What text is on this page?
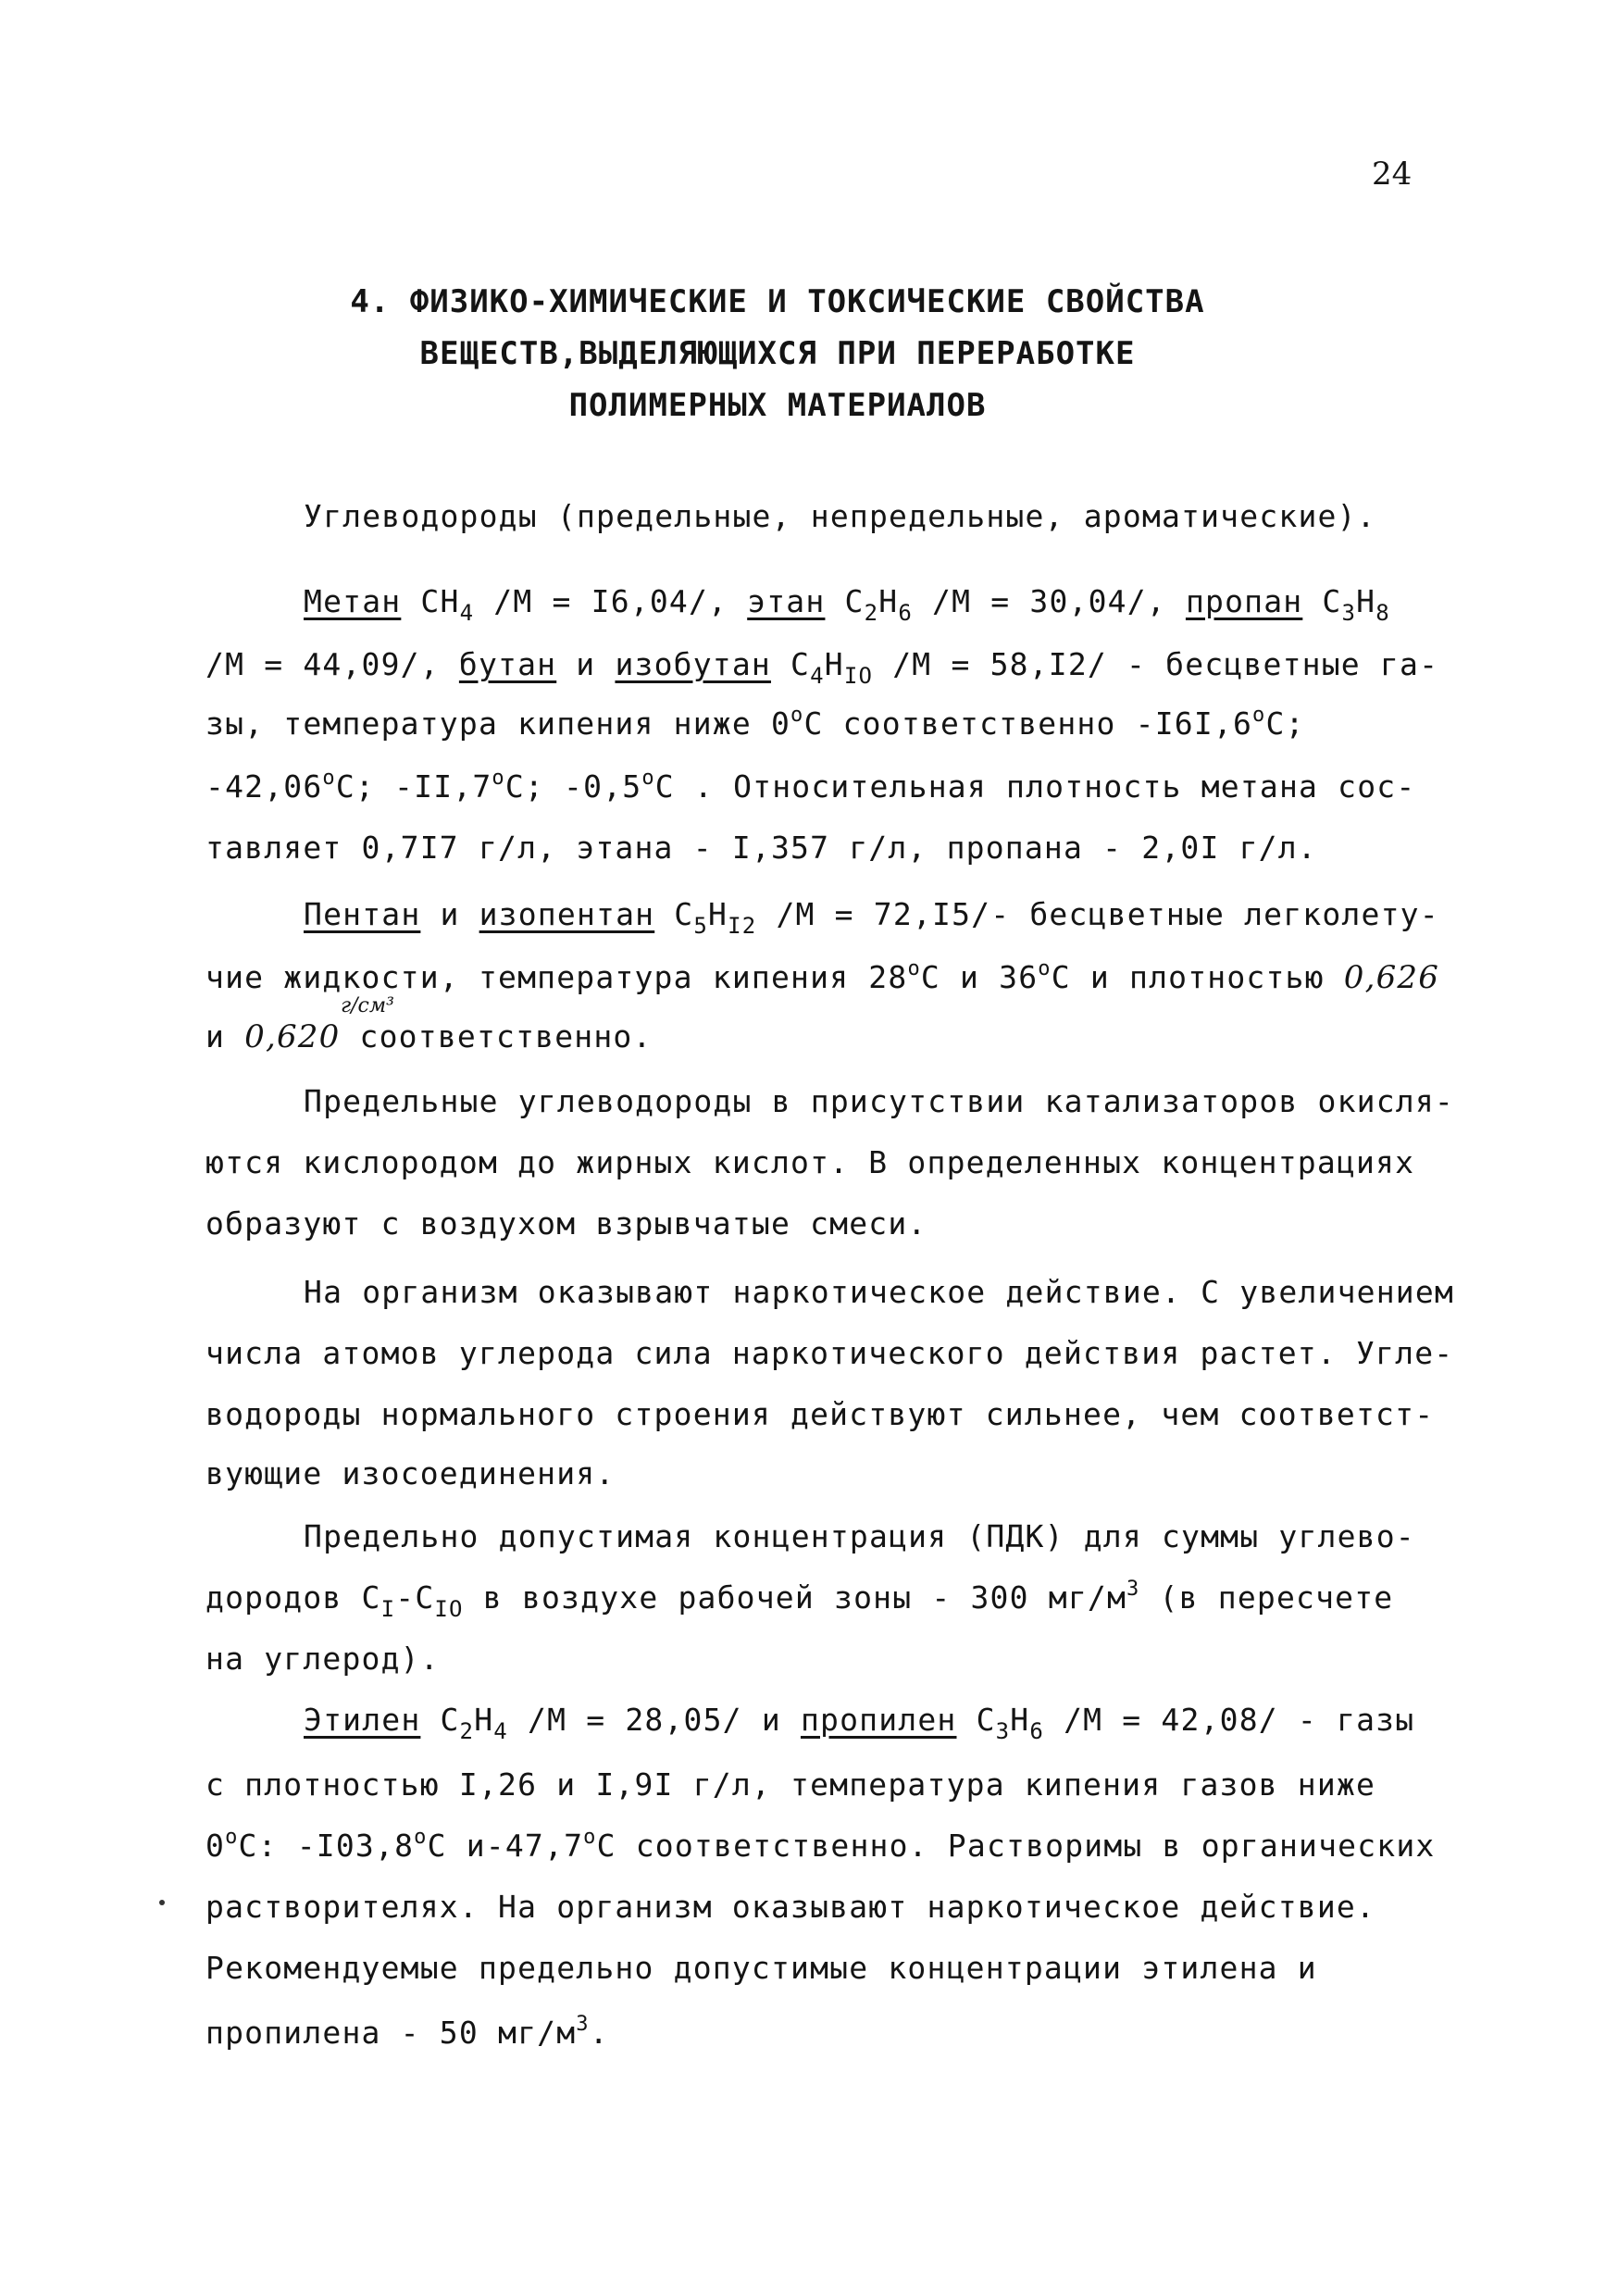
24
4. ФИЗИКО-ХИМИЧЕСКИЕ И ТОКСИЧЕСКИЕ СВОЙСТВА
ВЕЩЕСТВ,ВЫДЕЛЯЮЩИХСЯ ПРИ ПЕРЕРАБОТКЕ
ПОЛИМЕРНЫХ МАТЕРИАЛОВ
Углеводороды (предельные, непредельные, ароматические).
Метан $CH_4$ /M = I6,04/, этан $C_2H_6$ /M = 30,04/, пропан $C_3H_8$
/M = 44,09/, бутан и изобутан $C_4H_{IO}$ /M = 58,I2/ - бесцветные га-
зы, температура кипения ниже 0$^o$C соответственно -I6I,6$^o$C;
-42,06$^o$C; -II,7$^o$C; -0,5$^o$C . Относительная плотность метана сос-
тавляет 0,7I7 г/л, этана - I,357 г/л, пропана - 2,0I г/л.
Пентан и изопентан $C_5H_{I2}$ /M = 72,I5/- бесцветные легколету-
чие жидкости, температура кипения 28$^o$C и 36$^o$C и плотностью 0,626
г/см³
и 0,620 соответственно.
Предельные углеводороды в присутствии катализаторов окисля-
ются кислородом до жирных кислот. В определенных концентрациях
образуют с воздухом взрывчатые смеси.
На организм оказывают наркотическое действие. С увеличением
числа атомов углерода сила наркотического действия растет. Угле-
водороды нормального строения действуют сильнее, чем соответст-
вующие изосоединения.
Предельно допустимая концентрация (ПДК) для суммы углево-
дородов $C_I-C_{IO}$ в воздухе рабочей зоны - 300 $мг/м^3$ (в пересчете
на углерод).
Этилен $C_2H_4$ /M = 28,05/ и пропилен $C_3H_6$ /M = 42,08/ - газы
с плотностью I,26 и I,9I г/л, температура кипения газов ниже
0$^o$C: -I03,8$^o$C и-47,7$^o$C соответственно. Растворимы в органических
растворителях. На организм оказывают наркотическое действие.
Рекомендуемые предельно допустимые концентрации этилена и
пропилена - 50 $мг/м^3$.
